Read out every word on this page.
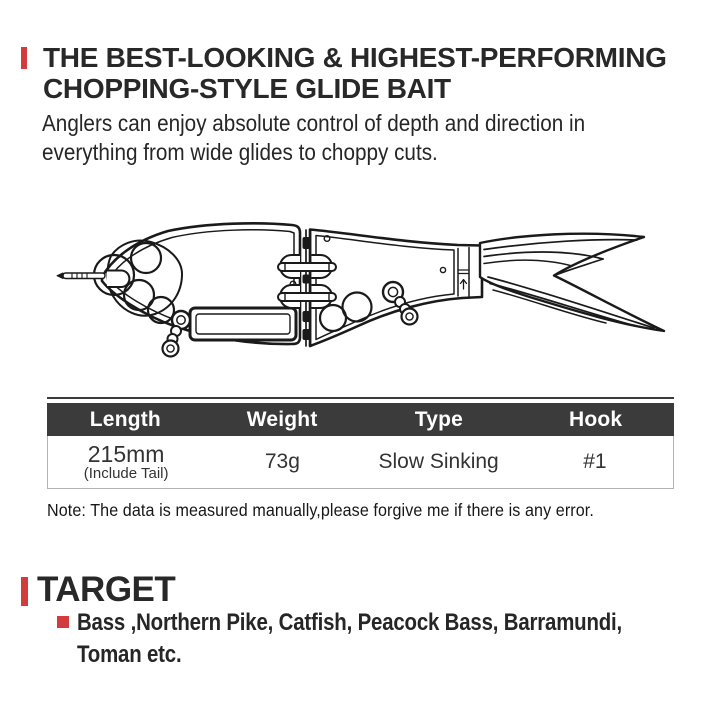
THE BEST-LOOKING & HIGHEST-PERFORMING
CHOPPING-STYLE GLIDE BAIT
Anglers can enjoy absolute control of depth and direction in
everything from wide glides to choppy cuts.
Length	Weight	Type	Hook
215mm
(Include Tail)
73g	Slow Sinking	#1
Note: The data is measured manually,please forgive me if there is any error.
TARGET
Bass ,Northern Pike, Catfish, Peacock Bass, Barramundi,
Toman etc.
